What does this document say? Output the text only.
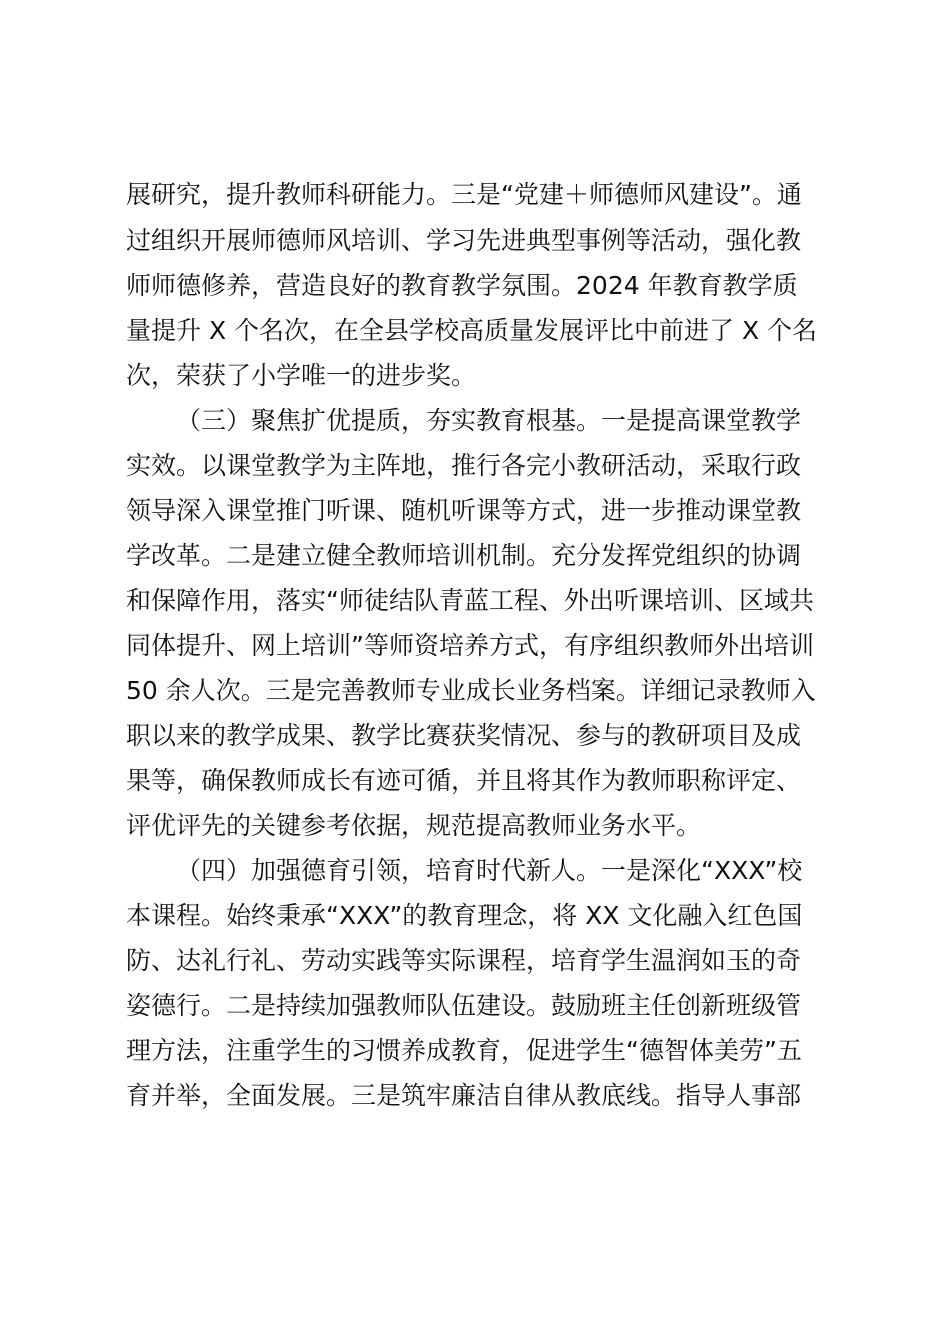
展研究，提升教师科研能力。三是“党建＋师德师风建设”。通
过组织开展师德师风培训、学习先进典型事例等活动，强化教
师师德修养，营造良好的教育教学氛围。2024 年教育教学质
量提升 X 个名次，在全县学校高质量发展评比中前进了 X 个名
次，荣获了小学唯一的进步奖。
（三）聚焦扩优提质，夯实教育根基。一是提高课堂教学
实效。以课堂教学为主阵地，推行各完小教研活动，采取行政
领导深入课堂推门听课、随机听课等方式，进一步推动课堂教
学改革。二是建立健全教师培训机制。充分发挥党组织的协调
和保障作用，落实“师徒结队青蓝工程、外出听课培训、区域共
同体提升、网上培训”等师资培养方式，有序组织教师外出培训
50 余人次。三是完善教师专业成长业务档案。详细记录教师入
职以来的教学成果、教学比赛获奖情况、参与的教研项目及成
果等，确保教师成长有迹可循，并且将其作为教师职称评定、
评优评先的关键参考依据，规范提高教师业务水平。
（四）加强德育引领，培育时代新人。一是深化“XXX”校
本课程。始终秉承“XXX”的教育理念，将 XX 文化融入红色国
防、达礼行礼、劳动实践等实际课程，培育学生温润如玉的奇
姿德行。二是持续加强教师队伍建设。鼓励班主任创新班级管
理方法，注重学生的习惯养成教育，促进学生“德智体美劳”五
育并举，全面发展。三是筑牢廉洁自律从教底线。指导人事部
